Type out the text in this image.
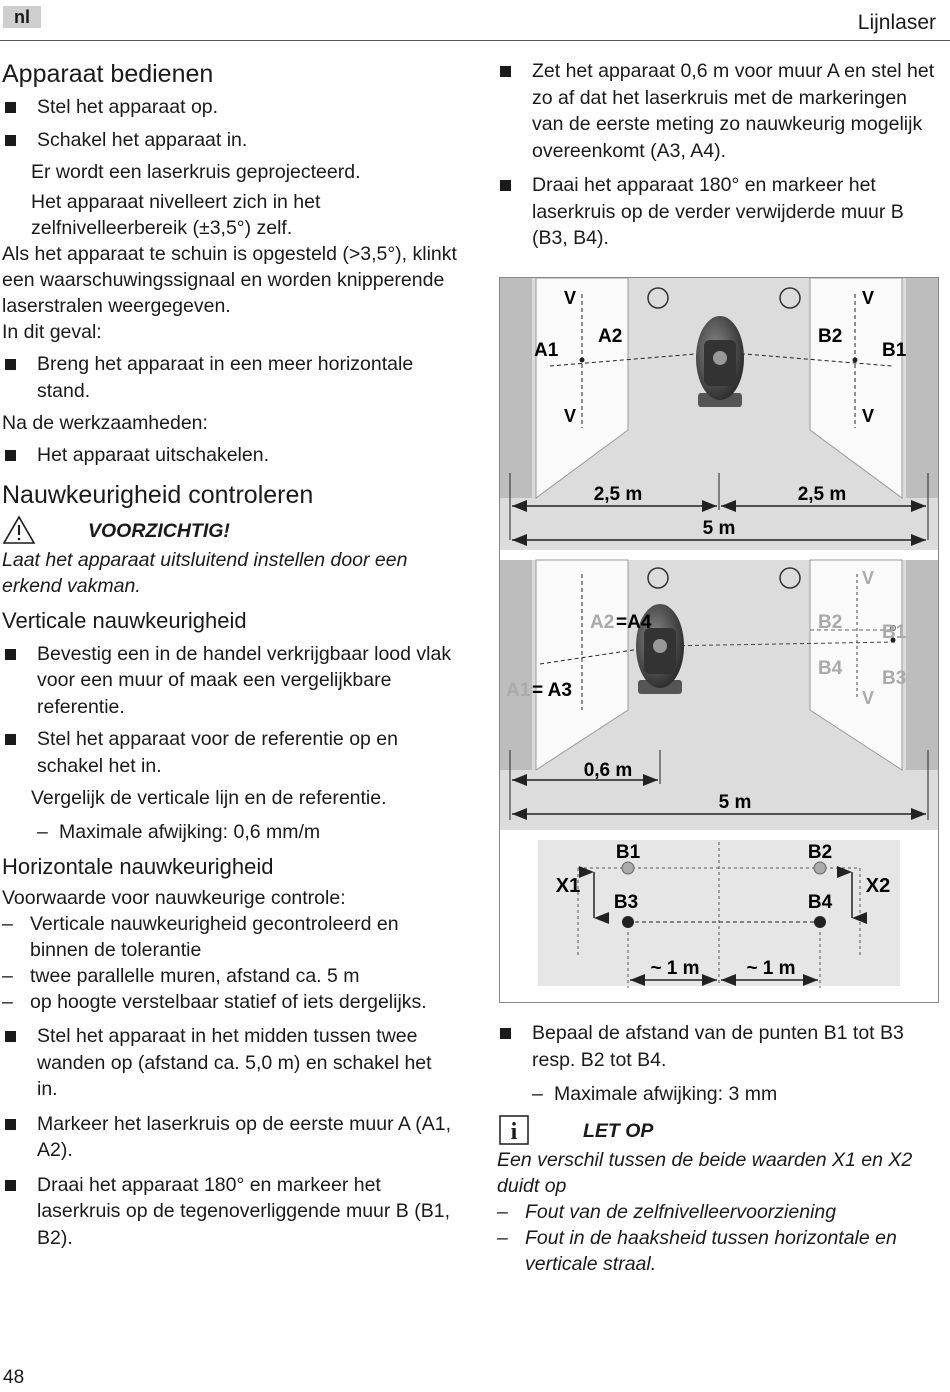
nl	Lijnlaser
Apparaat bedienen
Stel het apparaat op.
Schakel het apparaat in.
Er wordt een laserkruis geprojecteerd.
Het apparaat nivelleert zich in het zelfnivelleerbereik (±3,5°) zelf.

Als het apparaat te schuin is opgesteld (>3,5°), klinkt een waarschuwingssignaal en worden knipperende laserstralen weergegeven.

In dit geval:

Breng het apparaat in een meer horizontale stand.

Na de werkzaamheden:

Het apparaat uitschakelen.
Nauwkeurigheid controleren
VOORZICHTIG!

Laat het apparaat uitsluitend instellen door een erkend vakman.

Verticale nauwkeurigheid
Bevestig een in de handel verkrijgbaar lood vlak voor een muur of maak een vergelijkbare referentie.
Stel het apparaat voor de referentie op en schakel het in.
Vergelijk de verticale lijn en de referentie.
– Maximale afwijking: 0,6 mm/m
Horizontale nauwkeurigheid

Voorwaarde voor nauwkeurige controle:

– Verticale nauwkeurigheid gecontroleerd en binnen de tolerantie
– twee parallelle muren, afstand ca. 5 m
– op hoogte verstelbaar statief of iets dergelijks.
Stel het apparaat in het midden tussen twee wanden op (afstand ca. 5,0 m) en schakel het in.
Markeer het laserkruis op de eerste muur A (A1, A2).
Draai het apparaat 180° en markeer het laserkruis op de tegenoverliggende muur B (B1, B2).
Zet het apparaat 0,6 m voor muur A en stel het zo af dat het laserkruis met de markeringen van de eerste meting zo nauwkeurig mogelijk overeenkomt (A3, A4).
Draai het apparaat 180° en markeer het laserkruis op de verder verwijderde muur B (B3, B4).
V	V
V	V
A1
A2	B2
B1
2,5 m	2,5 m
5 m
V
V
A2 =A4
A1 = A3
B2
B4
B1
B3
0,6 m
5 m
B1	B2
B3	B4
X1	X2
~ 1 m ~ 1 m
Bepaal de afstand van de punten B1 tot B3 resp. B2 tot B4.
– Maximale afwijking: 3 mm
i	LET OP

Een verschil tussen de beide waarden X1 en X2 duidt op

– Fout van de zelfnivelleervoorziening
– Fout in de haaksheid tussen horizontale en verticale straal.
48
